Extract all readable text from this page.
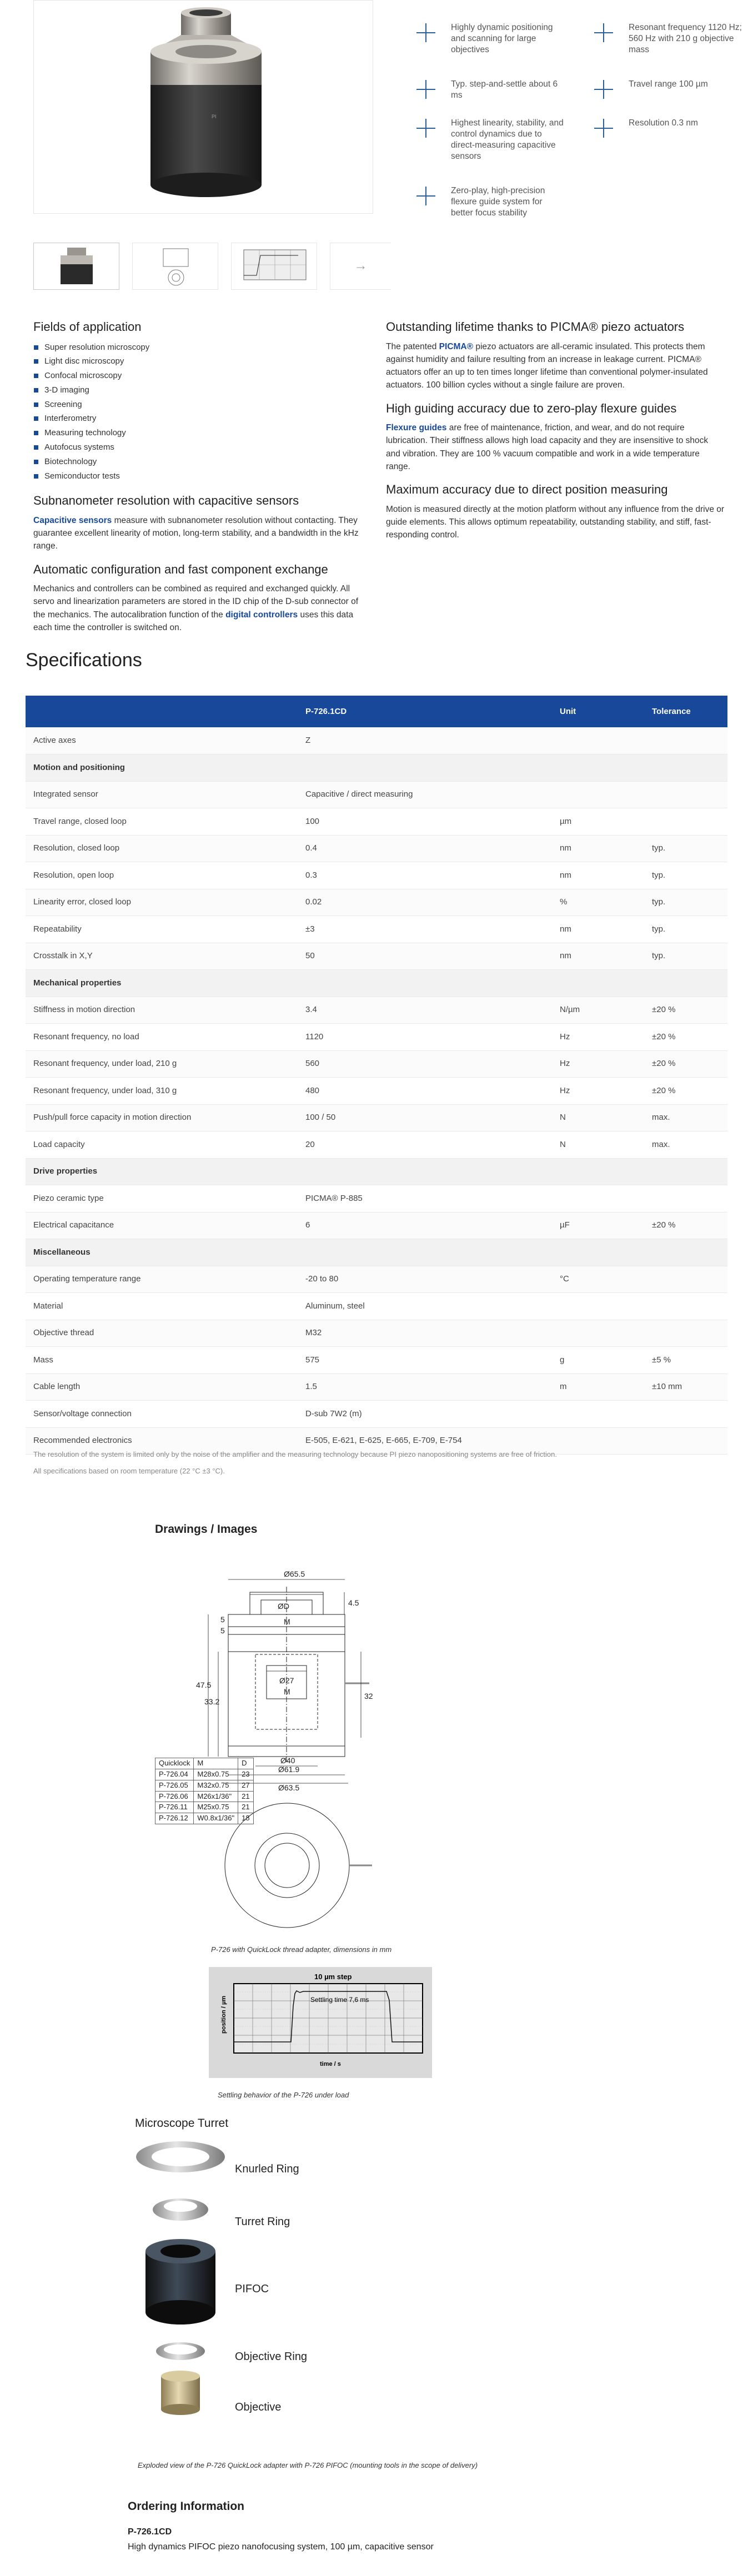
PI
→
Highly dynamic positioning and scanning for large objectives
Resonant frequency 1120 Hz; 560 Hz with 210 g objective mass
Typ. step-and-settle about 6 ms
Travel range 100 µm
Highest linearity, stability, and control dynamics due to direct-measuring capacitive sensors
Resolution 0.3 nm
Zero-play, high-precision flexure guide system for better focus stability
Fields of application
Super resolution microscopy
Light disc microscopy
Confocal microscopy
3-D imaging
Screening
Interferometry
Measuring technology
Autofocus systems
Biotechnology
Semiconductor tests
Subnanometer resolution with capacitive sensors

Capacitive sensors measure with subnanometer resolution without contacting. They guarantee excellent linearity of motion, long-term stability, and a bandwidth in the kHz range.

Automatic configuration and fast component exchange

Mechanics and controllers can be combined as required and exchanged quickly. All servo and linearization parameters are stored in the ID chip of the D-sub connector of the mechanics. The autocalibration function of the digital controllers uses this data each time the controller is switched on.

Outstanding lifetime thanks to PICMA® piezo actuators

The patented PICMA® piezo actuators are all-ceramic insulated. This protects them against humidity and failure resulting from an increase in leakage current. PICMA® actuators offer an up to ten times longer lifetime than conventional polymer-insulated actuators. 100 billion cycles without a single failure are proven.

High guiding accuracy due to zero-play flexure guides

Flexure guides are free of maintenance, friction, and wear, and do not require lubrication. Their stiffness allows high load capacity and they are insensitive to shock and vibration. They are 100 % vacuum compatible and work in a wide temperature range.

Maximum accuracy due to direct position measuring

Motion is measured directly at the motion platform without any influence from the drive or guide elements. This allows optimum repeatability, outstanding stability, and stiff, fast-responding control.

Specifications
	P-726.1CD	Unit	Tolerance
Active axes	Z		
Motion and positioning			
Integrated sensor	Capacitive / direct measuring		
Travel range, closed loop	100	µm	
Resolution, closed loop	0.4	nm	typ.
Resolution, open loop	0.3	nm	typ.
Linearity error, closed loop	0.02	%	typ.
Repeatability	±3	nm	typ.
Crosstalk in X,Y	50	nm	typ.
Mechanical properties			
Stiffness in motion direction	3.4	N/µm	±20 %
Resonant frequency, no load	1120	Hz	±20 %
Resonant frequency, under load, 210 g	560	Hz	±20 %
Resonant frequency, under load, 310 g	480	Hz	±20 %
Push/pull force capacity in motion direction	100 / 50	N	max.
Load capacity	20	N	max.
Drive properties			
Piezo ceramic type	PICMA® P-885		
Electrical capacitance	6	µF	±20 %
Miscellaneous			
Operating temperature range	-20 to 80	°C	
Material	Aluminum, steel		
Objective thread	M32		
Mass	575	g	±5 %
Cable length	1.5	m	±10 mm
Sensor/voltage connection	D-sub 7W2 (m)		
Recommended electronics	E-505, E-621, E-625, E-665, E-709, E-754		

The resolution of the system is limited only by the noise of the amplifier and the measuring technology because PI piezo nanopositioning systems are free of friction.

All specifications based on room temperature (22 °C ±3 °C).

Drawings / Images
Ø65.5
ØD
M
Ø27
M
Ø40
Ø61.9
Ø63.5
4.5
5
5
47.5
33.2
32
Quicklock	M	D
P-726.04	M28x0.75	23
P-726.05	M32x0.75	27
P-726.06	M26x1/36"	21
P-726.11	M25x0.75	21
P-726.12	W0.8x1/36"	18
P-726 with QuickLock thread adapter, dimensions in mm
10 µm step
Settling time 7,6 ms
time / s
position / µm
Settling behavior of the P-726 under load
Microscope Turret
Knurled Ring
Turret Ring
PIFOC
Objective Ring
Objective
Exploded view of the P-726 QuickLock adapter with P-726 PIFOC (mounting tools in the scope of delivery)
Ordering Information
P-726.1CD
High dynamics PIFOC piezo nanofocusing system, 100 µm, capacitive sensor
